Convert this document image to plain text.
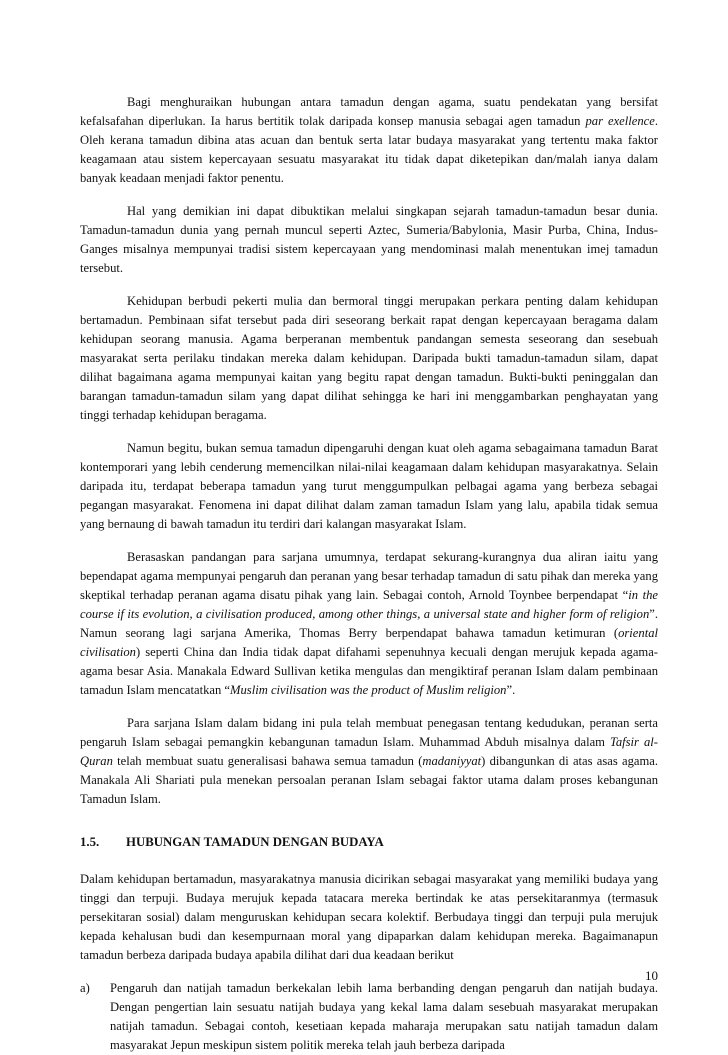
Bagi menghuraikan hubungan antara tamadun dengan agama, suatu pendekatan yang bersifat kefalsafahan diperlukan. Ia harus bertitik tolak daripada konsep manusia sebagai agen tamadun par exellence. Oleh kerana tamadun dibina atas acuan dan bentuk serta latar budaya masyarakat yang tertentu maka faktor keagamaan atau sistem kepercayaan sesuatu masyarakat itu tidak dapat diketepikan dan/malah ianya dalam banyak keadaan menjadi faktor penentu.

Hal yang demikian ini dapat dibuktikan melalui singkapan sejarah tamadun-tamadun besar dunia. Tamadun-tamadun dunia yang pernah muncul seperti Aztec, Sumeria/Babylonia, Masir Purba, China, Indus-Ganges misalnya mempunyai tradisi sistem kepercayaan yang mendominasi malah menentukan imej tamadun tersebut.

Kehidupan berbudi pekerti mulia dan bermoral tinggi merupakan perkara penting dalam kehidupan bertamadun. Pembinaan sifat tersebut pada diri seseorang berkait rapat dengan kepercayaan beragama dalam kehidupan seorang manusia. Agama berperanan membentuk pandangan semesta seseorang dan sesebuah masyarakat serta perilaku tindakan mereka dalam kehidupan. Daripada bukti tamadun-tamadun silam, dapat dilihat bagaimana agama mempunyai kaitan yang begitu rapat dengan tamadun. Bukti-bukti peninggalan dan barangan tamadun-tamadun silam yang dapat dilihat sehingga ke hari ini menggambarkan penghayatan yang tinggi terhadap kehidupan beragama.

Namun begitu, bukan semua tamadun dipengaruhi dengan kuat oleh agama sebagaimana tamadun Barat kontemporari yang lebih cenderung memencilkan nilai-nilai keagamaan dalam kehidupan masyarakatnya. Selain daripada itu, terdapat beberapa tamadun yang turut menggumpulkan pelbagai agama yang berbeza sebagai pegangan masyarakat. Fenomena ini dapat dilihat dalam zaman tamadun Islam yang lalu, apabila tidak semua yang bernaung di bawah tamadun itu terdiri dari kalangan masyarakat Islam.

Berasaskan pandangan para sarjana umumnya, terdapat sekurang-kurangnya dua aliran iaitu yang bependapat agama mempunyai pengaruh dan peranan yang besar terhadap tamadun di satu pihak dan mereka yang skeptikal terhadap peranan agama disatu pihak yang lain. Sebagai contoh, Arnold Toynbee berpendapat “in the course if its evolution, a civilisation produced, among other things, a universal state and higher form of religion”. Namun seorang lagi sarjana Amerika, Thomas Berry berpendapat bahawa tamadun ketimuran (oriental civilisation) seperti China dan India tidak dapat difahami sepenuhnya kecuali dengan merujuk kepada agama-agama besar Asia. Manakala Edward Sullivan ketika mengulas dan mengiktiraf peranan Islam dalam pembinaan tamadun Islam mencatatkan “Muslim civilisation was the product of Muslim religion”.

Para sarjana Islam dalam bidang ini pula telah membuat penegasan tentang kedudukan, peranan serta pengaruh Islam sebagai pemangkin kebangunan tamadun Islam. Muhammad Abduh misalnya dalam Tafsir al-Quran telah membuat suatu generalisasi bahawa semua tamadun (madaniyyat) dibangunkan di atas asas agama. Manakala Ali Shariati pula menekan persoalan peranan Islam sebagai faktor utama dalam proses kebangunan Tamadun Islam.

1.5.	HUBUNGAN TAMADUN DENGAN BUDAYA

Dalam kehidupan bertamadun, masyarakatnya manusia dicirikan sebagai masyarakat yang memiliki budaya yang tinggi dan terpuji. Budaya merujuk kepada tatacara mereka bertindak ke atas persekitaranmya (termasuk persekitaran sosial) dalam menguruskan kehidupan secara kolektif. Berbudaya tinggi dan terpuji pula merujuk kepada kehalusan budi dan kesempurnaan moral yang dipaparkan dalam kehidupan mereka. Bagaimanapun tamadun berbeza daripada budaya apabila dilihat dari dua keadaan berikut

a)	Pengaruh dan natijah tamadun berkekalan lebih lama berbanding dengan pengaruh dan natijah budaya. Dengan pengertian lain sesuatu natijah budaya yang kekal lama dalam sesebuah masyarakat merupakan natijah tamadun. Sebagai contoh, kesetiaan kepada maharaja merupakan satu natijah tamadun dalam masyarakat Jepun meskipun sistem politik mereka telah jauh berbeza daripada
10
